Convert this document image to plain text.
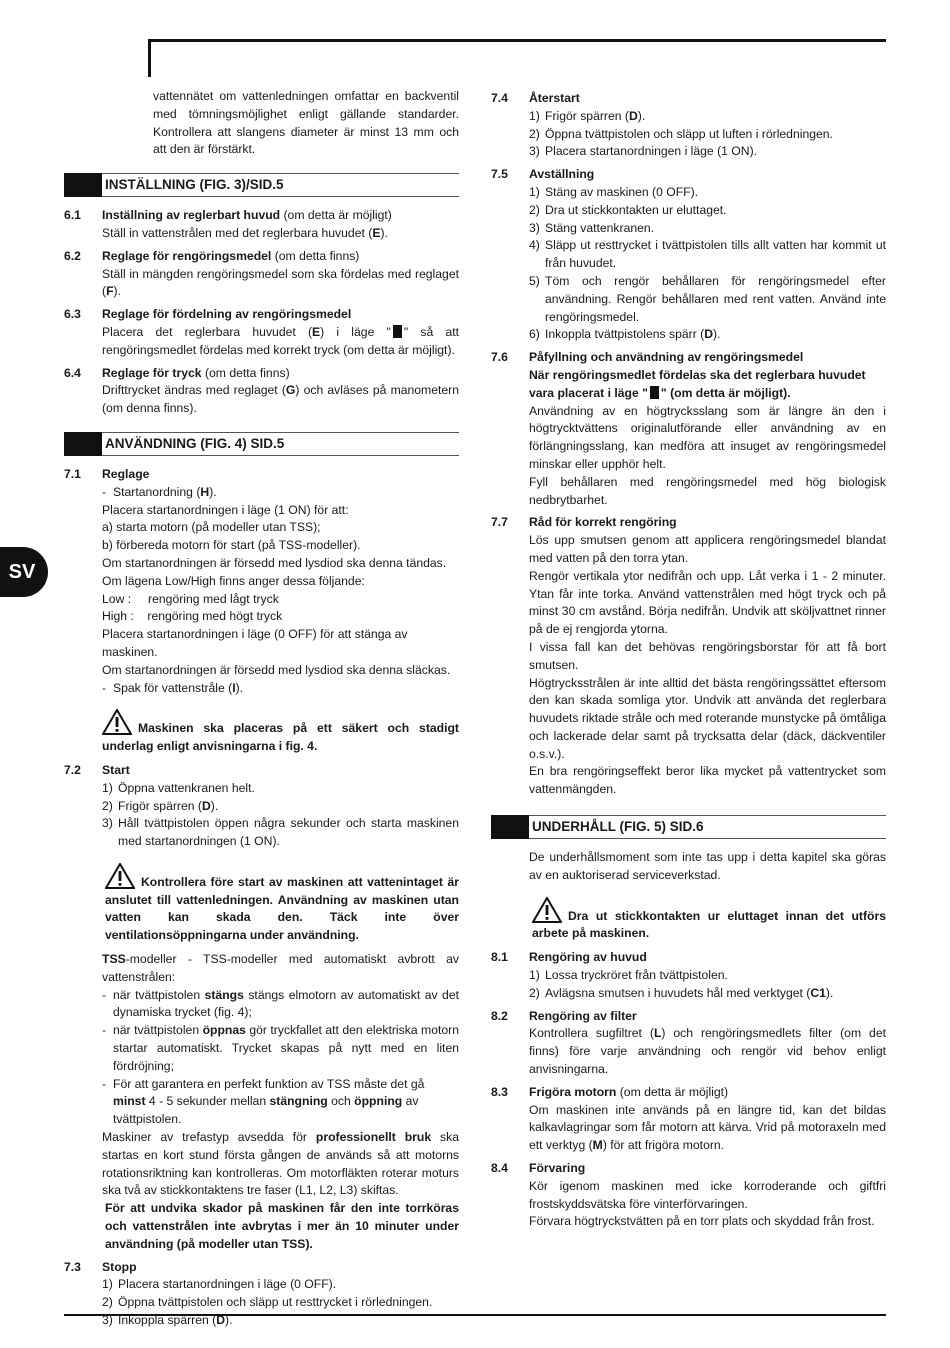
SV

vattennätet om vattenledningen omfattar en backventil med tömningsmöjlighet enligt gällande standarder. Kontrollera att slangens diameter är minst 13 mm och att den är förstärkt.

INSTÄLLNING (FIG. 3)/SID.5
6.1 Inställning av reglerbart huvud (om detta är möjligt)

Ställ in vattenstrålen med det reglerbara huvudet (E).

6.2 Reglage för rengöringsmedel (om detta finns)

Ställ in mängden rengöringsmedel som ska fördelas med reglaget (F).

6.3 Reglage för fördelning av rengöringsmedel

Placera det reglerbara huvudet (E) i läge " " så att rengöringsmedlet fördelas med korrekt tryck (om detta är möjligt).

6.4 Reglage för tryck (om detta finns)

Drifttrycket ändras med reglaget (G) och avläses på manometern (om denna finns).

ANVÄNDNING (FIG. 4) SID.5
7.1 Reglage

- Startanordning (H).

Placera startanordningen i läge (1 ON) för att:

a) starta motorn (på modeller utan TSS);

b) förbereda motorn för start (på TSS-modeller).

Om startanordningen är försedd med lysdiod ska denna tändas.

Om lägena Low/High finns anger dessa följande:

Low :     rengöring med lågt tryck

High :    rengöring med högt tryck

Placera startanordningen i läge (0 OFF) för att stänga av maskinen.

Om startanordningen är försedd med lysdiod ska denna släckas.

- Spak för vattenstråle (I).

Maskinen ska placeras på ett säkert och stadigt underlag enligt anvisningarna i fig. 4.
7.2 Start

1) Öppna vattenkranen helt.
2) Frigör spärren (D).
3) Håll tvättpistolen öppen några sekunder och starta maskinen med startanordningen (1 ON).
Kontrollera före start av maskinen att vattenintaget är anslutet till vattenledningen. Användning av maskinen utan vatten kan skada den. Täck inte över ventilationsöppningarna under användning.

TSS-modeller - TSS-modeller med automatiskt avbrott av vattenstrålen:

- när tvättpistolen stängs stängs elmotorn av automatiskt av det dynamiska trycket (fig. 4);

- när tvättpistolen öppnas gör tryckfallet att den elektriska motorn startar automatiskt. Trycket skapas på nytt med en liten fördröjning;

- För att garantera en perfekt funktion av TSS måste det gå minst 4 - 5 sekunder mellan stängning och öppning av tvättpistolen.

Maskiner av trefastyp avsedda för professionellt bruk ska startas en kort stund första gången de används så att motorns rotationsriktning kan kontrolleras. Om motorfläkten roterar moturs ska två av stickkontaktens tre faser (L1, L2, L3) skiftas.

För att undvika skador på maskinen får den inte torrköras och vattenstrålen inte avbrytas i mer än 10 minuter under användning (på modeller utan TSS).

7.3 Stopp

1) Placera startanordningen i läge (0 OFF).
2) Öppna tvättpistolen och släpp ut resttrycket i rörledningen.
3) Inkoppla spärren (D).
7.4 Återstart

1) Frigör spärren (D).
2) Öppna tvättpistolen och släpp ut luften i rörledningen.
3) Placera startanordningen i läge (1 ON).
7.5 Avställning

1) Stäng av maskinen (0 OFF).
2) Dra ut stickkontakten ur eluttaget.
3) Stäng vattenkranen.
4) Släpp ut resttrycket i tvättpistolen tills allt vatten har kommit ut från huvudet.
5) Töm och rengör behållaren för rengöringsmedel efter användning. Rengör behållaren med rent vatten. Använd inte rengöringsmedel.
6) Inkoppla tvättpistolens spärr (D).
7.6 Påfyllning och användning av rengöringsmedel

När rengöringsmedlet fördelas ska det reglerbara huvudet vara placerat i läge " " (om detta är möjligt).

Användning av en högtrycksslang som är längre än den i högtrycktvättens originalutförande eller användning av en förlängningsslang, kan medföra att insuget av rengöringsmedel minskar eller upphör helt.

Fyll behållaren med rengöringsmedel med hög biologisk nedbrytbarhet.

7.7 Råd för korrekt rengöring

Lös upp smutsen genom att applicera rengöringsmedel blandat med vatten på den torra ytan.

Rengör vertikala ytor nedifrån och upp. Låt verka i 1 - 2 minuter. Ytan får inte torka. Använd vattenstrålen med högt tryck och på minst 30 cm avstånd. Börja nedifrån. Undvik att sköljvattnet rinner på de ej rengjorda ytorna.

I vissa fall kan det behövas rengöringsborstar för att få bort smutsen.

Högtrycksstrålen är inte alltid det bästa rengöringssättet eftersom den kan skada somliga ytor. Undvik att använda det reglerbara huvudets riktade stråle och med roterande munstycke på ömtåliga och lackerade delar samt på trycksatta delar (däck, däckventiler o.s.v.).

En bra rengöringseffekt beror lika mycket på vattentrycket som vattenmängden.

UNDERHÅLL (FIG. 5) SID.6

De underhållsmoment som inte tas upp i detta kapitel ska göras av en auktoriserad serviceverkstad.

Dra ut stickkontakten ur eluttaget innan det utförs arbete på maskinen.
8.1 Rengöring av huvud

1) Lossa tryckröret från tvättpistolen.
2) Avlägsna smutsen i huvudets hål med verktyget (C1).
8.2 Rengöring av filter

Kontrollera sugfiltret (L) och rengöringsmedlets filter (om det finns) före varje användning och rengör vid behov enligt anvisningarna.

8.3 Frigöra motorn (om detta är möjligt)

Om maskinen inte används på en längre tid, kan det bildas kalkavlagringar som får motorn att kärva. Vrid på motoraxeln med ett verktyg (M) för att frigöra motorn.

8.4 Förvaring

Kör igenom maskinen med icke korroderande och giftfri frostskyddsvätska före vinterförvaringen.

Förvara högtryckstvätten på en torr plats och skyddad från frost.
